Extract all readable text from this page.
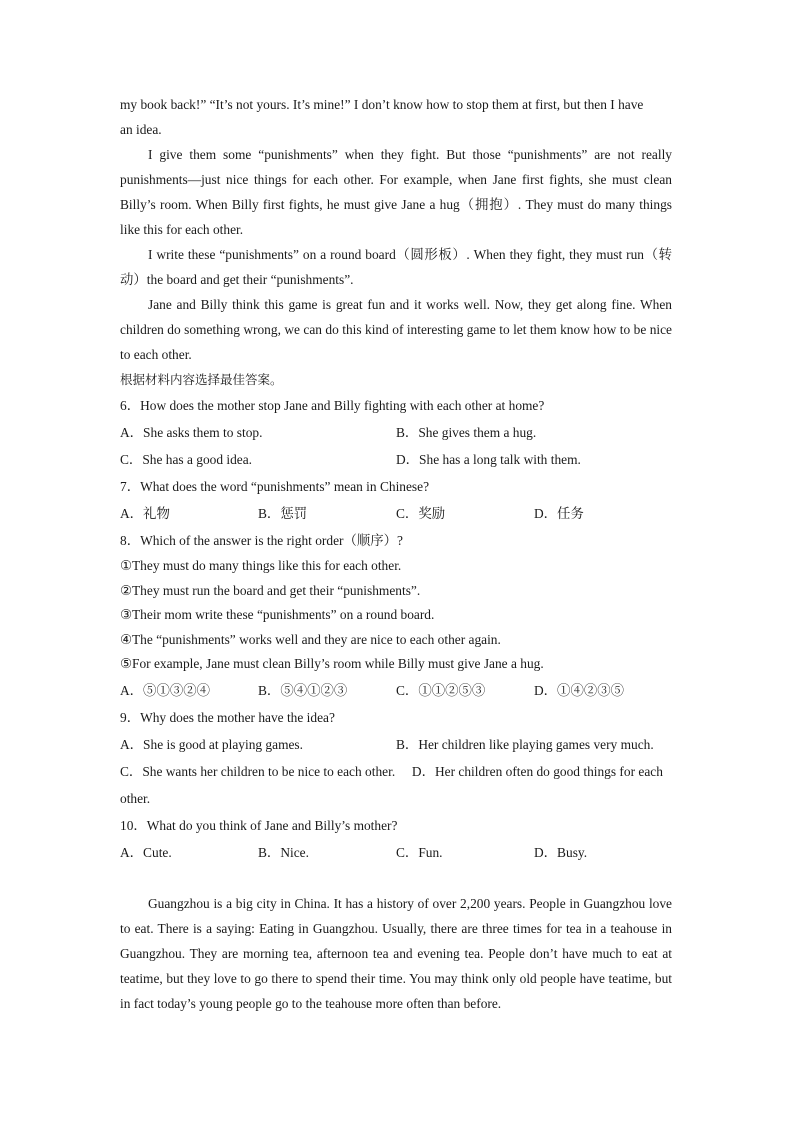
my book back!” “It’s not yours. It’s mine!” I don’t know how to stop them at first, but then I have
an idea.
I give them some “punishments” when they fight. But those “punishments” are not really punishments—just nice things for each other. For example, when Jane first fights, she must clean Billy’s room. When Billy first fights, he must give Jane a hug（拥抱）. They must do many things like this for each other.
I write these “punishments” on a round board（圆形板）. When they fight, they must run（转动）the board and get their “punishments”.
Jane and Billy think this game is great fun and it works well. Now, they get along fine. When children do something wrong, we can do this kind of interesting game to let them know how to be nice to each other.
根据材料内容选择最佳答案。
6．How does the mother stop Jane and Billy fighting with each other at home?
A．She asks them to stop.	B．She gives them a hug.
C．She has a good idea.	D．She has a long talk with them.
7．What does the word “punishments” mean in Chinese?
A．礼物	B．惩罚	C．奖励	D．任务
8．Which of the answer is the right order（顺序）?
①They must do many things like this for each other.
②They must run the board and get their “punishments”.
③Their mom write these “punishments” on a round board.
④The “punishments” works well and they are nice to each other again.
⑤For example, Jane must clean Billy’s room while Billy must give Jane a hug.
A．⑤①③②④	B．⑤④①②③	C．①①②⑤③	D．①④②③⑤
9．Why does the mother have the idea?
A．She is good at playing games.	B．Her children like playing games very much.
C．She wants her children to be nice to each other. D．Her children often do good things for each other.
10．What do you think of Jane and Billy’s mother?
A．Cute.	B．Nice.	C．Fun.	D．Busy.
Guangzhou is a big city in China. It has a history of over 2,200 years. People in Guangzhou love to eat. There is a saying: Eating in Guangzhou. Usually, there are three times for tea in a teahouse in Guangzhou. They are morning tea, afternoon tea and evening tea. People don’t have much to eat at teatime, but they love to go there to spend their time. You may think only old people have teatime, but in fact today’s young people go to the teahouse more often than before.
